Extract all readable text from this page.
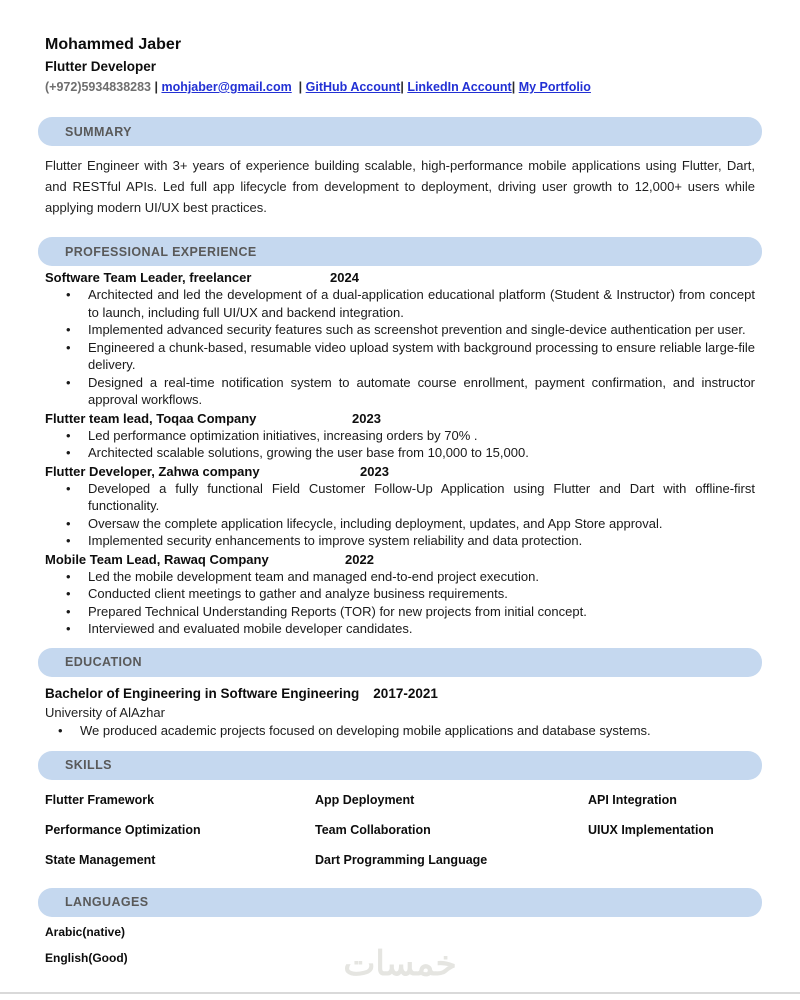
Mohammed Jaber
Flutter Developer
(+972)5934838283 | mohjaber@gmail.com  | GitHub Account| LinkedIn Account| My Portfolio
SUMMARY

Flutter Engineer with 3+ years of experience building scalable, high-performance mobile applications using Flutter, Dart, and RESTful APIs. Led full app lifecycle from development to deployment, driving user growth to 12,000+ users while applying modern UI/UX best practices.

PROFESSIONAL EXPERIENCE
Software Team Leader, freelancer	2024
• Architected and led the development of a dual-application educational platform (Student & Instructor) from concept to launch, including full UI/UX and backend integration.
• Implemented advanced security features such as screenshot prevention and single-device authentication per user.
• Engineered a chunk-based, resumable video upload system with background processing to ensure reliable large-file delivery.
• Designed a real-time notification system to automate course enrollment, payment confirmation, and instructor approval workflows.
Flutter team lead, Toqaa Company	2023
• Led performance optimization initiatives, increasing orders by 70% .
• Architected scalable solutions, growing the user base from 10,000 to 15,000.
Flutter Developer, Zahwa company	2023
• Developed a fully functional Field Customer Follow-Up Application using Flutter and Dart with offline-first functionality.
• Oversaw the complete application lifecycle, including deployment, updates, and App Store approval.
• Implemented security enhancements to improve system reliability and data protection.
Mobile Team Lead, Rawaq Company	2022
• Led the mobile development team and managed end-to-end project execution.
• Conducted client meetings to gather and analyze business requirements.
• Prepared Technical Understanding Reports (TOR) for new projects from initial concept.
• Interviewed and evaluated mobile developer candidates.
EDUCATION
Bachelor of Engineering in Software Engineering 2017-2021
University of AlAzhar
• We produced academic projects focused on developing mobile applications and database systems.
SKILLS
Flutter Framework	App Deployment	API Integration
Performance Optimization	Team Collaboration	UIUX Implementation
State Management	Dart Programming Language
LANGUAGES
Arabic(native)
English(Good)	خمسات
